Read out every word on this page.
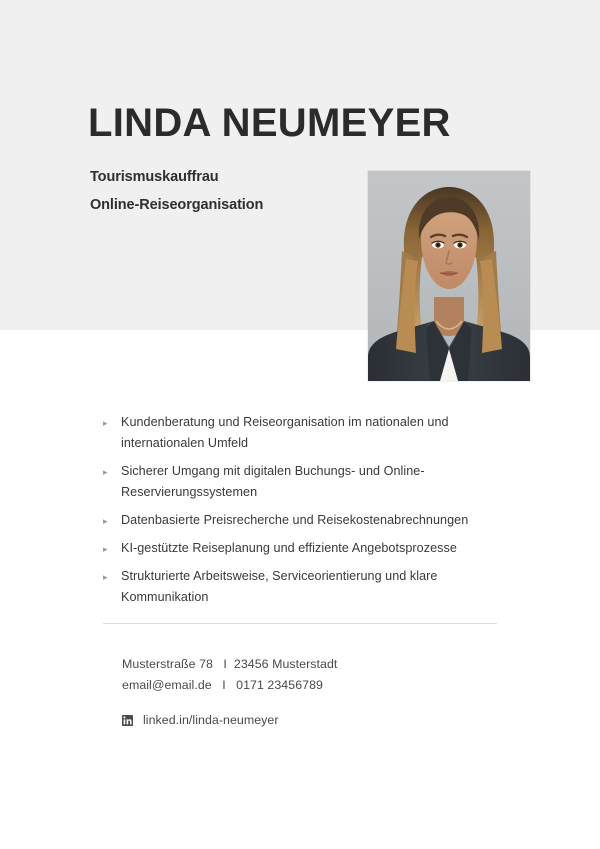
LINDA NEUMEYER
Tourismuskauffrau
Online-Reiseorganisation
▸	Kundenberatung und Reiseorganisation im nationalen und internationalen Umfeld
▸	Sicherer Umgang mit digitalen Buchungs- und Online-Reservierungssystemen
▸	Datenbasierte Preisrecherche und Reisekostenabrechnungen
▸	KI-gestützte Reiseplanung und effiziente Angebotsprozesse
▸	Strukturierte Arbeitsweise, Serviceorientierung und klare Kommunikation
Musterstraße 78   I  23456 Musterstadt
email@email.de   I   0171 23456789
linked.in/linda-neumeyer
